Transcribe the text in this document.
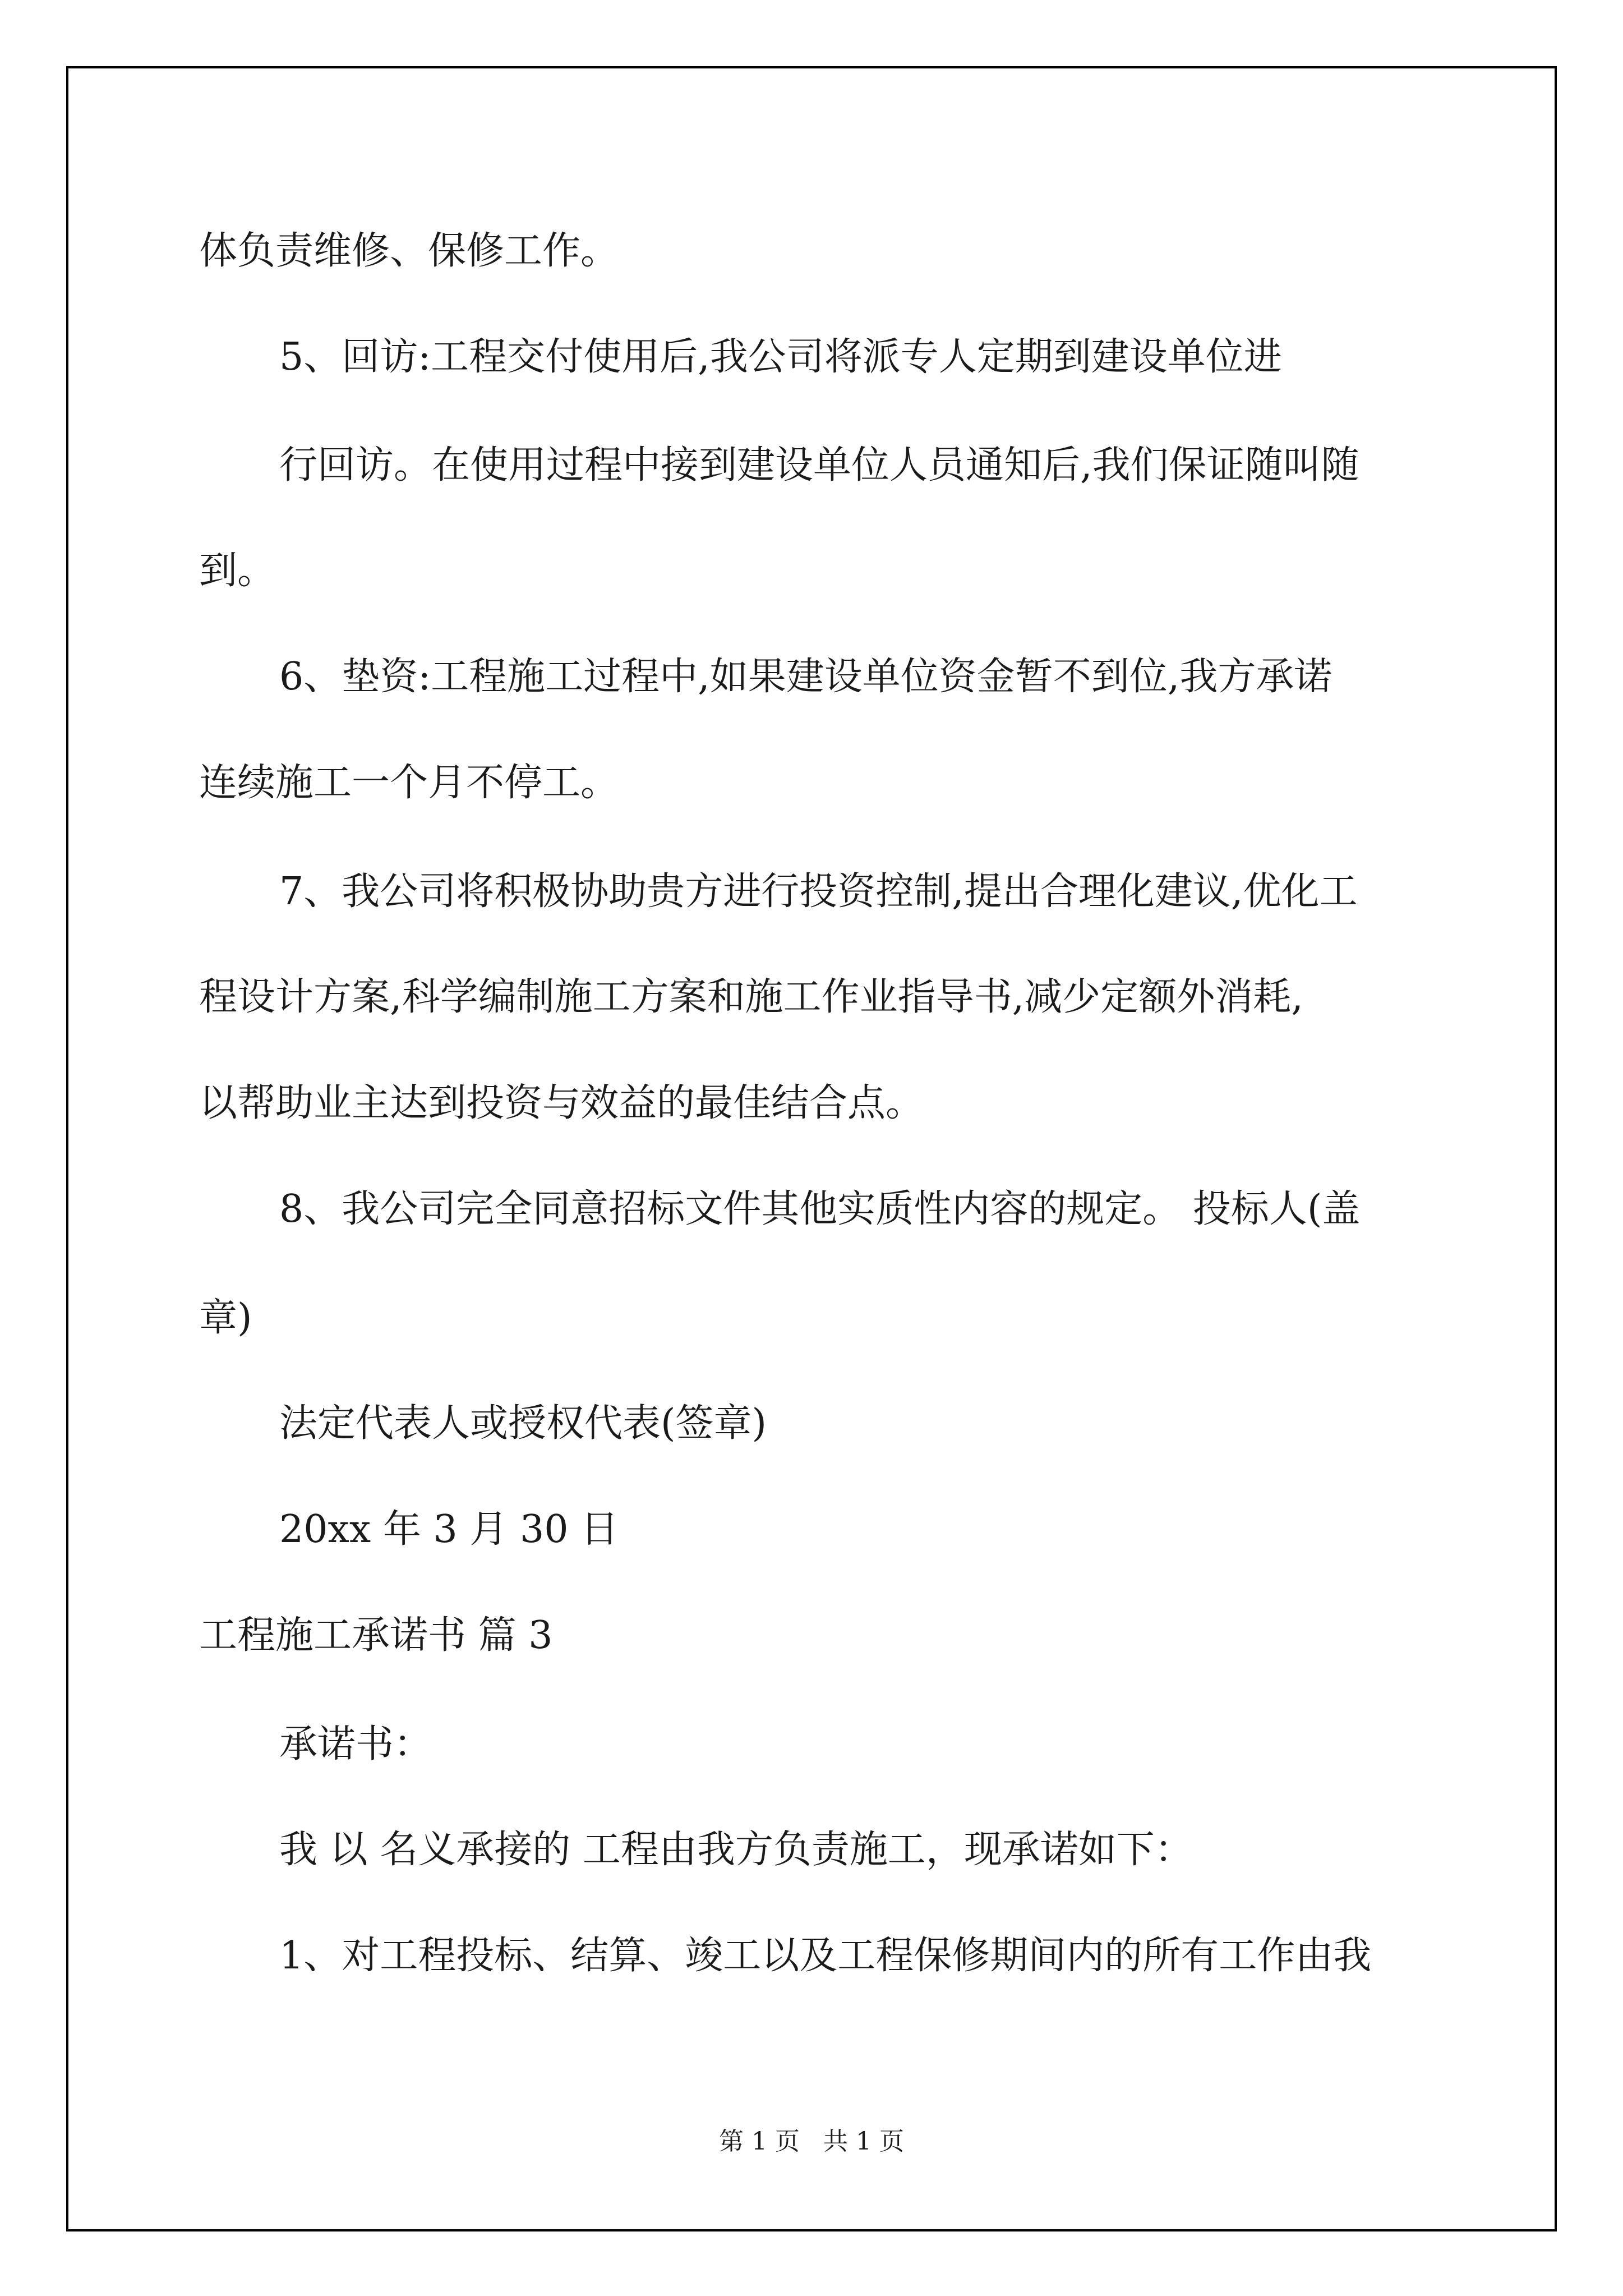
体负责维修、保修工作。

5、回访:工程交付使用后,我公司将派专人定期到建设单位进

行回访。在使用过程中接到建设单位人员通知后,我们保证随叫随

到。

6、垫资:工程施工过程中,如果建设单位资金暂不到位,我方承诺

连续施工一个月不停工。

7、我公司将积极协助贵方进行投资控制,提出合理化建议,优化工

程设计方案,科学编制施工方案和施工作业指导书,减少定额外消耗,

以帮助业主达到投资与效益的最佳结合点。

8、我公司完全同意招标文件其他实质性内容的规定。 投标人(盖

章)

法定代表人或授权代表(签章)

20xx 年 3 月 30 日

工程施工承诺书 篇 3

承诺书：

我 以 名义承接的 工程由我方负责施工，现承诺如下：

1、对工程投标、结算、竣工以及工程保修期间内的所有工作由我

第 1 页   共 1 页
